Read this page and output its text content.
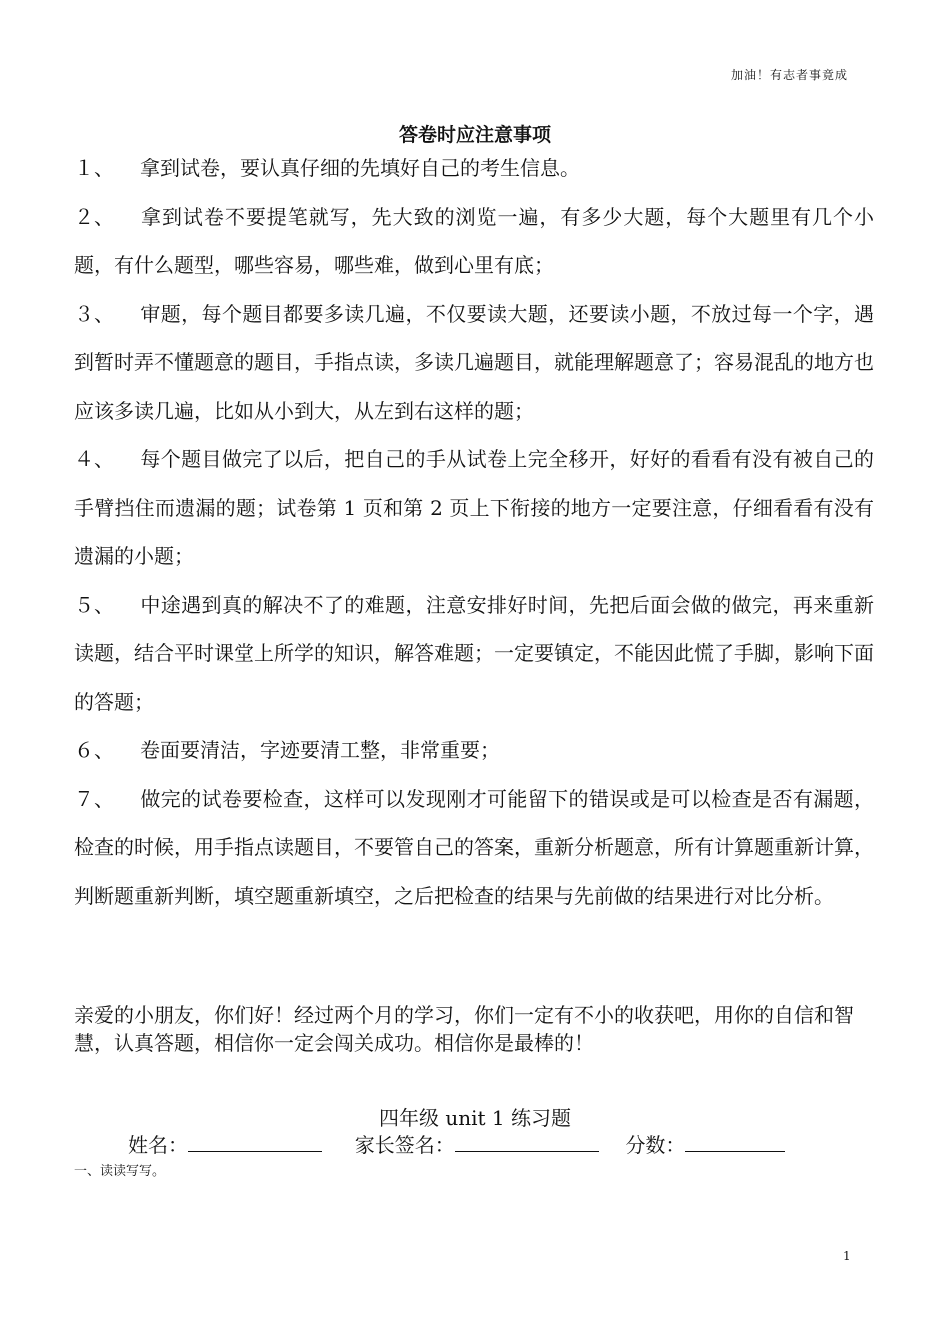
加油！有志者事竟成
答卷时应注意事项

１、 拿到试卷，要认真仔细的先填好自己的考生信息。

２、 拿到试卷不要提笔就写，先大致的浏览一遍，有多少大题，每个大题里有几个小题，有什么题型，哪些容易，哪些难，做到心里有底；

３、 审题，每个题目都要多读几遍，不仅要读大题，还要读小题，不放过每一个字，遇到暂时弄不懂题意的题目，手指点读，多读几遍题目，就能理解题意了；容易混乱的地方也应该多读几遍，比如从小到大，从左到右这样的题；

４、 每个题目做完了以后，把自己的手从试卷上完全移开，好好的看看有没有被自己的手臂挡住而遗漏的题；试卷第 1 页和第 2 页上下衔接的地方一定要注意，仔细看看有没有遗漏的小题；

５、 中途遇到真的解决不了的难题，注意安排好时间，先把后面会做的做完，再来重新读题，结合平时课堂上所学的知识，解答难题；一定要镇定，不能因此慌了手脚，影响下面的答题；

６、 卷面要清洁，字迹要清工整，非常重要；

７、 做完的试卷要检查，这样可以发现刚才可能留下的错误或是可以检查是否有漏题，检查的时候，用手指点读题目，不要管自己的答案，重新分析题意，所有计算题重新计算，判断题重新判断，填空题重新填空，之后把检查的结果与先前做的结果进行对比分析。

亲爱的小朋友，你们好！经过两个月的学习，你们一定有不小的收获吧，用你的自信和智慧，认真答题，相信你一定会闯关成功。相信你是最棒的！
四年级 unit 1 练习题
姓名：	家长签名：	分数：
一、读读写写。
1
